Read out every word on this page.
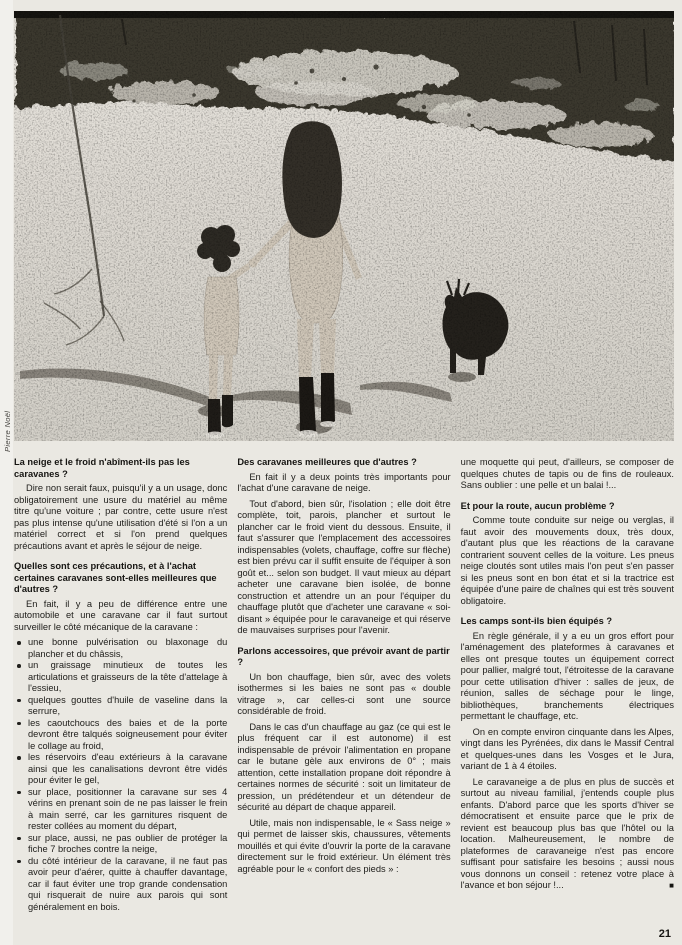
Pierre Noël
La neige et le froid n'abîment-ils pas les caravanes ?

Dire non serait faux, puisqu'il y a un usage, donc obligatoirement une usure du matériel au même titre qu'une voiture ; par contre, cette usure n'est pas plus intense qu'une utilisation d'été si l'on a un matériel correct et si l'on prend quelques précautions avant et après le séjour de neige.

Quelles sont ces précautions, et à l'achat certaines caravanes sont-elles meilleures que d'autres ?

En fait, il y a peu de différence entre une automobile et une caravane car il faut surtout surveiller le côté mécanique de la caravane :

une bonne pulvérisation ou blaxonage du plancher et du châssis,
un graissage minutieux de toutes les articulations et graisseurs de la tête d'attelage à l'essieu,
quelques gouttes d'huile de vaseline dans la serrure,
les caoutchoucs des baies et de la porte devront être talqués soigneusement pour éviter le collage au froid,
les réservoirs d'eau extérieurs à la caravane ainsi que les canalisations devront être vidés pour éviter le gel,
sur place, positionner la caravane sur ses 4 vérins en prenant soin de ne pas laisser le frein à main serré, car les garnitures risquent de rester collées au moment du départ,
sur place, aussi, ne pas oublier de protéger la fiche 7 broches contre la neige,
du côté intérieur de la caravane, il ne faut pas avoir peur d'aérer, quitte à chauffer davantage, car il faut éviter une trop grande condensation qui risquerait de nuire aux parois qui sont généralement en bois.
Des caravanes meilleures que d'autres ?

En fait il y a deux points très importants pour l'achat d'une caravane de neige.

Tout d'abord, bien sûr, l'isolation ; elle doit être complète, toit, parois, plancher et surtout le plancher car le froid vient du dessous. Ensuite, il faut s'assurer que l'emplacement des accessoires indispensables (volets, chauffage, coffre sur flèche) est bien prévu car il suffit ensuite de l'équiper à son goût et... selon son budget. Il vaut mieux au départ acheter une caravane bien isolée, de bonne construction et attendre un an pour l'équiper du chauffage plutôt que d'acheter une caravane « soi-disant » équipée pour le caravaneige et qui réserve de mauvaises surprises pour l'avenir.

Parlons accessoires, que prévoir avant de partir ?

Un bon chauffage, bien sûr, avec des volets isothermes si les baies ne sont pas « double vitrage », car celles-ci sont une source considérable de froid.

Dans le cas d'un chauffage au gaz (ce qui est le plus fréquent car il est autonome) il est indispensable de prévoir l'alimentation en propane car le butane gèle aux environs de 0° ; mais attention, cette installation propane doit répondre à certaines normes de sécurité : soit un limitateur de pression, un prédétendeur et un détendeur de sécurité au départ de chaque appareil.

Utile, mais non indispensable, le « Sass neige » qui permet de laisser skis, chaussures, vêtements mouillés et qui évite d'ouvrir la porte de la caravane directement sur le froid extérieur. Un élément très agréable pour le « confort des pieds » :

une moquette qui peut, d'ailleurs, se composer de quelques chutes de tapis ou de fins de rouleaux. Sans oublier : une pelle et un balai !...

Et pour la route, aucun problème ?

Comme toute conduite sur neige ou verglas, il faut avoir des mouvements doux, très doux, d'autant plus que les réactions de la caravane contrarient souvent celles de la voiture. Les pneus neige cloutés sont utiles mais l'on peut s'en passer si les pneus sont en bon état et si la tractrice est équipée d'une paire de chaînes qui est très souvent obligatoire.

Les camps sont-ils bien équipés ?

En règle générale, il y a eu un gros effort pour l'aménagement des plateformes à caravanes et elles ont presque toutes un équipement correct pour pallier, malgré tout, l'étroitesse de la caravane pour cette utilisation d'hiver : salles de jeux, de réunion, salles de séchage pour le linge, bibliothèques, branchements électriques permettant le chauffage, etc.

On en compte environ cinquante dans les Alpes, vingt dans les Pyrénées, dix dans le Massif Central et quelques-unes dans les Vosges et le Jura, variant de 1 à 4 étoiles.

Le caravaneige a de plus en plus de succès et surtout au niveau familial, j'entends couple plus enfants. D'abord parce que les sports d'hiver se démocratisent et ensuite parce que le prix de revient est beaucoup plus bas que l'hôtel ou la location. Malheureusement, le nombre de plateformes de caravaneige n'est pas encore suffisant pour satisfaire les besoins ; aussi nous vous donnons un conseil : retenez votre place à l'avance et bon séjour !...	■

21
